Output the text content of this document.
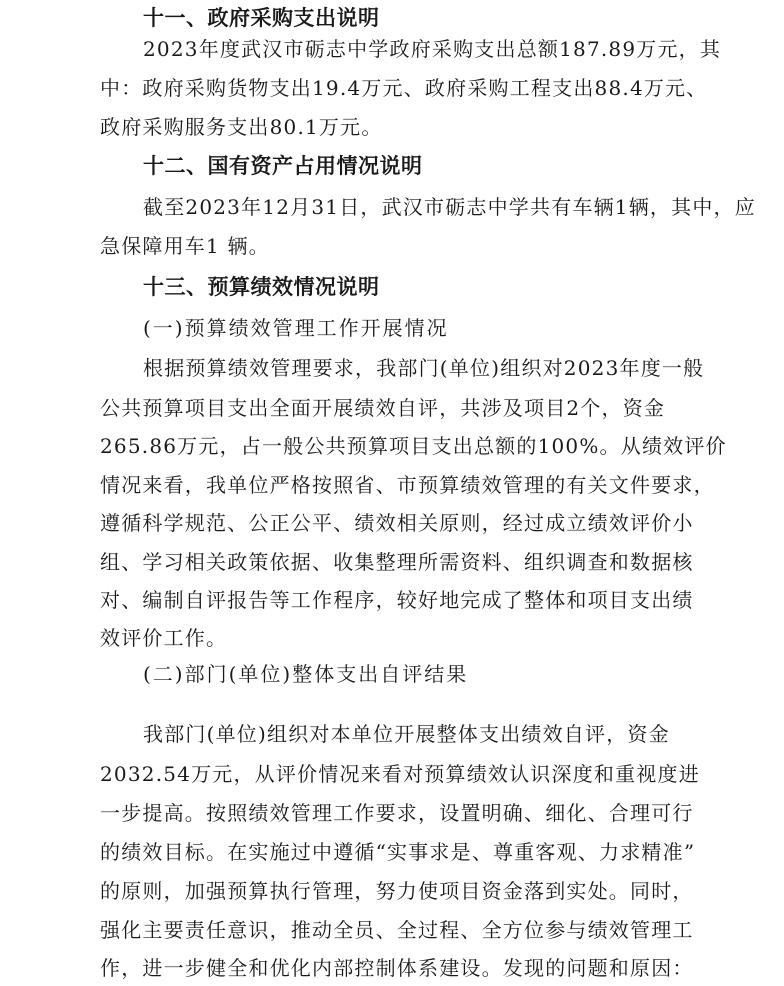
十一、政府采购支出说明
2023年度武汉市砺志中学政府采购支出总额187.89万元，其
中：政府采购货物支出19.4万元、政府采购工程支出88.4万元、
政府采购服务支出80.1万元。
十二、国有资产占用情况说明
截至2023年12月31日，武汉市砺志中学共有车辆1辆，其中，应
急保障用车1 辆。
十三、预算绩效情况说明
(一)预算绩效管理工作开展情况
根据预算绩效管理要求，我部门(单位)组织对2023年度一般
公共预算项目支出全面开展绩效自评，共涉及项目2个，资金
265.86万元，占一般公共预算项目支出总额的100%。从绩效评价
情况来看，我单位严格按照省、市预算绩效管理的有关文件要求，
遵循科学规范、公正公平、绩效相关原则，经过成立绩效评价小
组、学习相关政策依据、收集整理所需资料、组织调查和数据核
对、编制自评报告等工作程序，较好地完成了整体和项目支出绩
效评价工作。
(二)部门(单位)整体支出自评结果
我部门(单位)组织对本单位开展整体支出绩效自评，资金
2032.54万元，从评价情况来看对预算绩效认识深度和重视度进
一步提高。按照绩效管理工作要求，设置明确、细化、合理可行
的绩效目标。在实施过中遵循“实事求是、尊重客观、力求精准”
的原则，加强预算执行管理，努力使项目资金落到实处。同时，
强化主要责任意识，推动全员、全过程、全方位参与绩效管理工
作，进一步健全和优化内部控制体系建设。发现的问题和原因：
